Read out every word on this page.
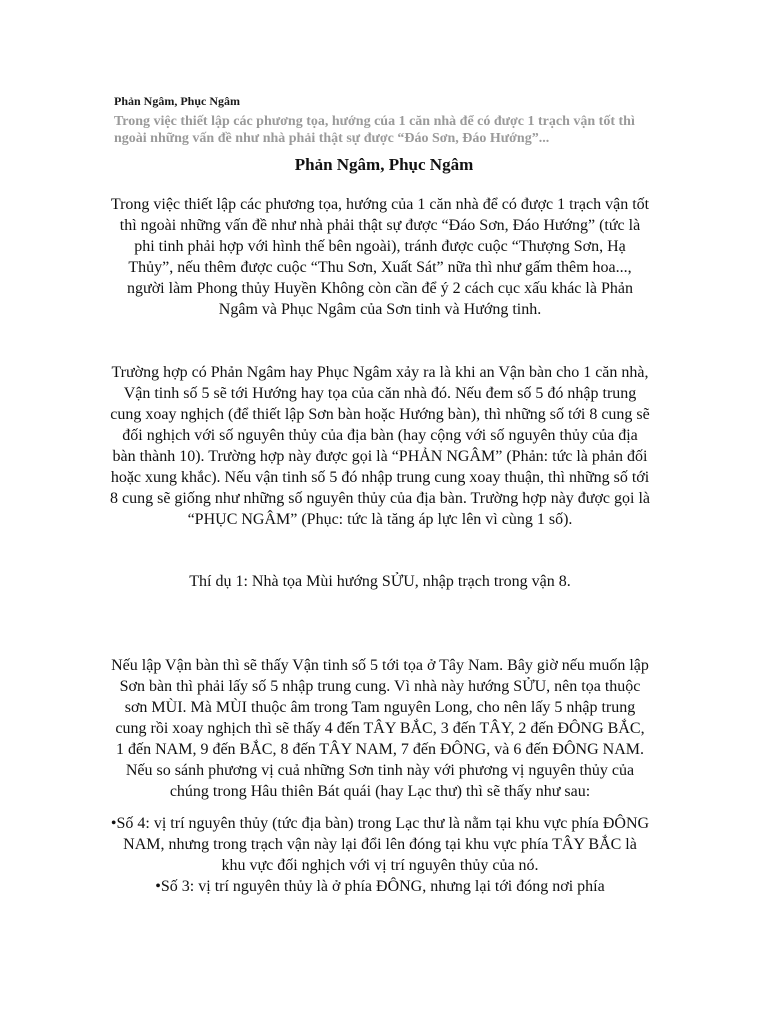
Phản Ngâm, Phục Ngâm
Trong việc thiết lập các phương tọa, hướng cúa 1 căn nhà để có được 1 trạch vận tốt thì ngoài những vấn đề như nhà phải thật sự được “Đáo Sơn, Đáo Hướng”...
Phản Ngâm, Phục Ngâm
Trong việc thiết lập các phương tọa, hướng của 1 căn nhà để có được 1 trạch vận tốt thì ngoài những vấn đề như nhà phải thật sự được “Đáo Sơn, Đáo Hướng” (tức là phi tinh phải hợp với hình thế bên ngoài), tránh được cuộc “Thượng Sơn, Hạ Thủy”, nếu thêm được cuộc “Thu Sơn, Xuất Sát” nữa thì như gấm thêm hoa..., người làm Phong thủy Huyền Không còn cần để ý 2 cách cục xấu khác là Phản Ngâm và Phục Ngâm của Sơn tinh và Hướng tinh.
Trường hợp có Phản Ngâm hay Phục Ngâm xảy ra là khi an Vận bàn cho 1 căn nhà, Vận tinh số 5 sẽ tới Hướng hay tọa của căn nhà đó. Nếu đem số 5 đó nhập trung cung xoay nghịch (để thiết lập Sơn bàn hoặc Hướng bàn), thì những số tới 8 cung sẽ đối nghịch với số nguyên thủy của địa bàn (hay cộng với số nguyên thủy của địa bàn thành 10). Trường hợp này được gọi là “PHẢN NGÂM” (Phản: tức là phản đối hoặc xung khắc). Nếu vận tinh số 5 đó nhập trung cung xoay thuận, thì những số tới 8 cung sẽ giống như những số nguyên thủy của địa bàn. Trường hợp này được gọi là “PHỤC NGÂM” (Phục: tức là tăng áp lực lên vì cùng 1 số).
Thí dụ 1: Nhà tọa Mùi hướng SỬU, nhập trạch trong vận 8.
Nếu lập Vận bàn thì sẽ thấy Vận tinh số 5 tới tọa ở Tây Nam. Bây giờ nếu muốn lập Sơn bàn thì phải lấy số 5 nhập trung cung. Vì nhà này hướng SỬU, nên tọa thuộc sơn MÙI. Mà MÙI thuộc âm trong Tam nguyên Long, cho nên lấy 5 nhập trung cung rồi xoay nghịch thì sẽ thấy 4 đến TÂY BẮC, 3 đến TÂY, 2 đến ĐÔNG BẮC, 1 đến NAM, 9 đến BẮC, 8 đến TÂY NAM, 7 đến ĐÔNG, và 6 đến ĐÔNG NAM. Nếu so sánh phương vị cuả những Sơn tinh này với phương vị nguyên thủy của chúng trong Hâu thiên Bát quái (hay Lạc thư) thì sẽ thấy như sau:
•Số 4: vị trí nguyên thủy (tức địa bàn) trong Lạc thư là nằm tại khu vực phía ĐÔNG NAM, nhưng trong trạch vận này lại đổi lên đóng tại khu vực phía TÂY BẮC là khu vực đối nghịch với vị trí nguyên thủy của nó.
•Số 3: vị trí nguyên thủy là ở phía ĐÔNG, nhưng lại tới đóng nơi phía
